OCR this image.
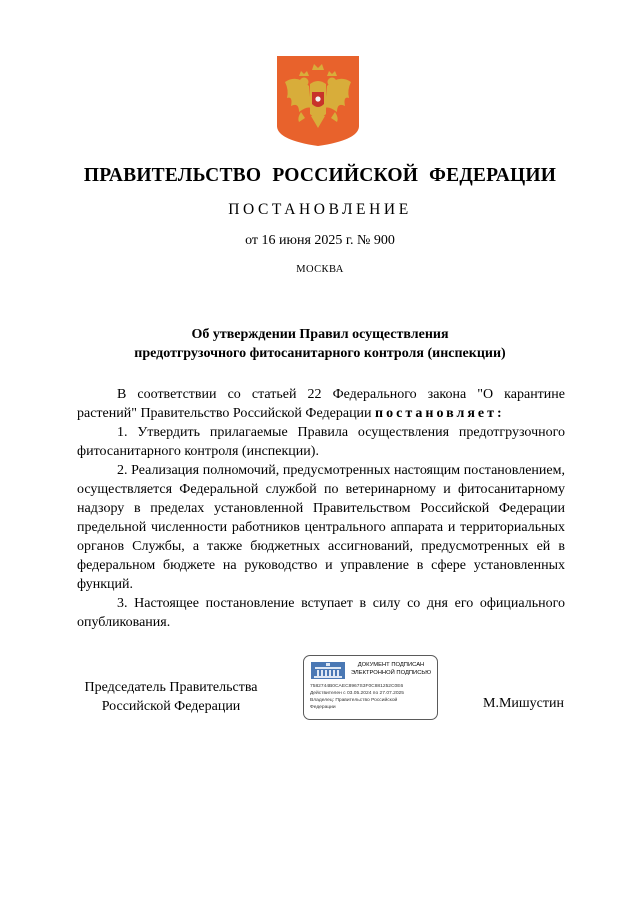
ПРАВИТЕЛЬСТВО РОССИЙСКОЙ ФЕДЕРАЦИИ
ПОСТАНОВЛЕНИЕ
от 16 июня 2025 г. № 900
МОСКВА
Об утверждении Правил осуществления
предотгрузочного фитосанитарного контроля (инспекции)

В соответствии со статьей 22 Федерального закона "О карантине растений" Правительство Российской Федерации постановляет:

1. Утвердить прилагаемые Правила осуществления предотгрузочного фитосанитарного контроля (инспекции).

2. Реализация полномочий, предусмотренных настоящим постановлением, осуществляется Федеральной службой по ветеринарному и фитосанитарному надзору в пределах установленной Правительством Российской Федерации предельной численности работников центрального аппарата и территориальных органов Службы, а также бюджетных ассигнований, предусмотренных ей в федеральном бюджете на руководство и управление в сфере установленных функций.

3. Настоящее постановление вступает в силу со дня его официального опубликования.

Председатель Правительства
Российской Федерации
ДОКУМЕНТ ПОДПИСАН
ЭЛЕКТРОННОЙ ПОДПИСЬЮ
7582744B0CAEC8967S3F0C881252C0E6
Действителен с 03.05.2024 по 27.07.2025
Владелец: Правительство Российской
Федерации	М.Мишустин
